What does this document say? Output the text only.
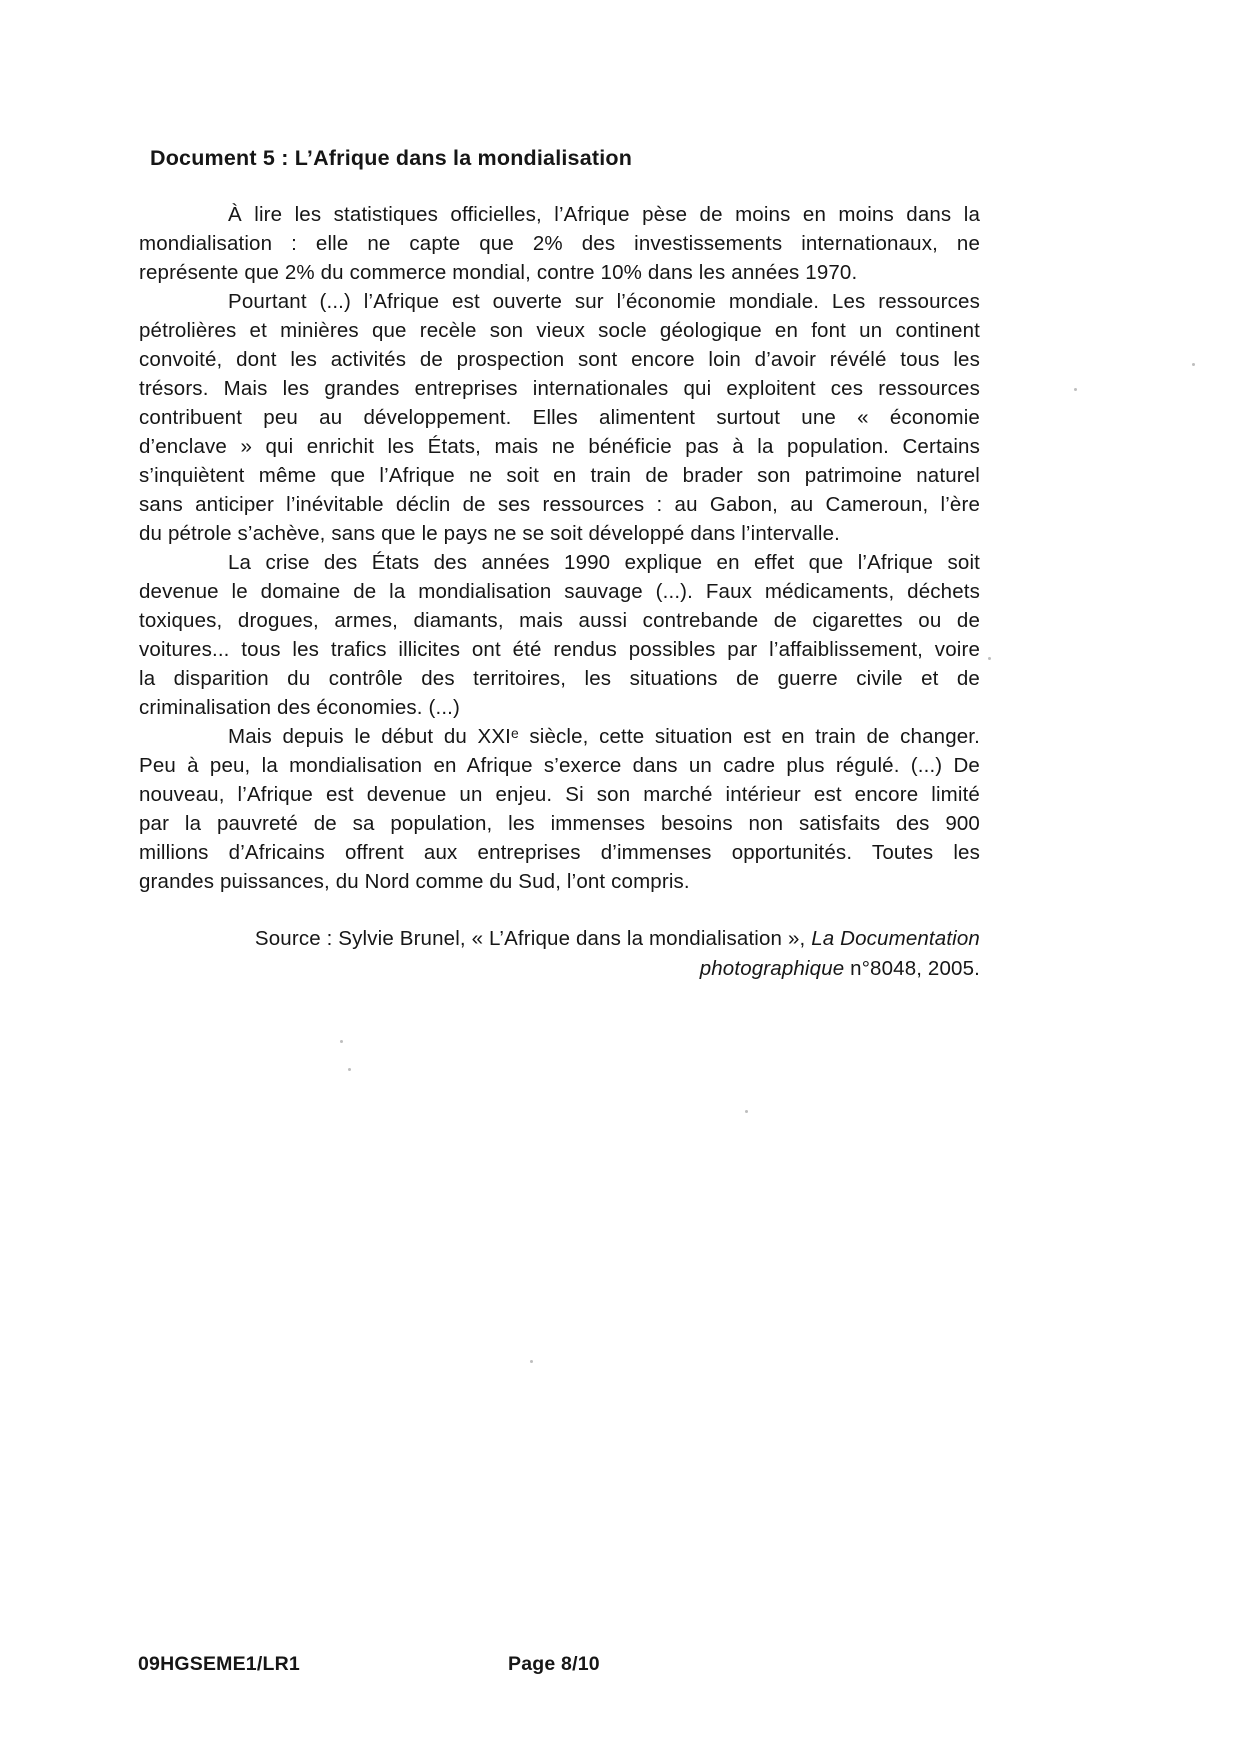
Document 5 : L’Afrique dans la mondialisation
À lire les statistiques officielles, l’Afrique pèse de moins en moins dans la
mondialisation : elle ne capte que 2% des investissements internationaux, ne
représente que 2% du commerce mondial, contre 10% dans les années 1970.
Pourtant (...) l’Afrique est ouverte sur l’économie mondiale. Les ressources
pétrolières et minières que recèle son vieux socle géologique en font un continent
convoité, dont les activités de prospection sont encore loin d’avoir révélé tous les
trésors. Mais les grandes entreprises internationales qui exploitent ces ressources
contribuent peu au développement. Elles alimentent surtout une « économie
d’enclave » qui enrichit les États, mais ne bénéficie pas à la population. Certains
s’inquiètent même que l’Afrique ne soit en train de brader son patrimoine naturel
sans anticiper l’inévitable déclin de ses ressources : au Gabon, au Cameroun, l’ère
du pétrole s’achève, sans que le pays ne se soit développé dans l’intervalle.
La crise des États des années 1990 explique en effet que l’Afrique soit
devenue le domaine de la mondialisation sauvage (...). Faux médicaments, déchets
toxiques, drogues, armes, diamants, mais aussi contrebande de cigarettes ou de
voitures... tous les trafics illicites ont été rendus possibles par l’affaiblissement, voire
la disparition du contrôle des territoires, les situations de guerre civile et de
criminalisation des économies. (...)
Mais depuis le début du XXIᵉ siècle, cette situation est en train de changer.
Peu à peu, la mondialisation en Afrique s’exerce dans un cadre plus régulé. (...) De
nouveau, l’Afrique est devenue un enjeu. Si son marché intérieur est encore limité
par la pauvreté de sa population, les immenses besoins non satisfaits des 900
millions d’Africains offrent aux entreprises d’immenses opportunités. Toutes les
grandes puissances, du Nord comme du Sud, l’ont compris.
Source : Sylvie Brunel, « L’Afrique dans la mondialisation », La Documentation
photographique n°8048, 2005.
09HGSEME1/LR1	Page 8/10
